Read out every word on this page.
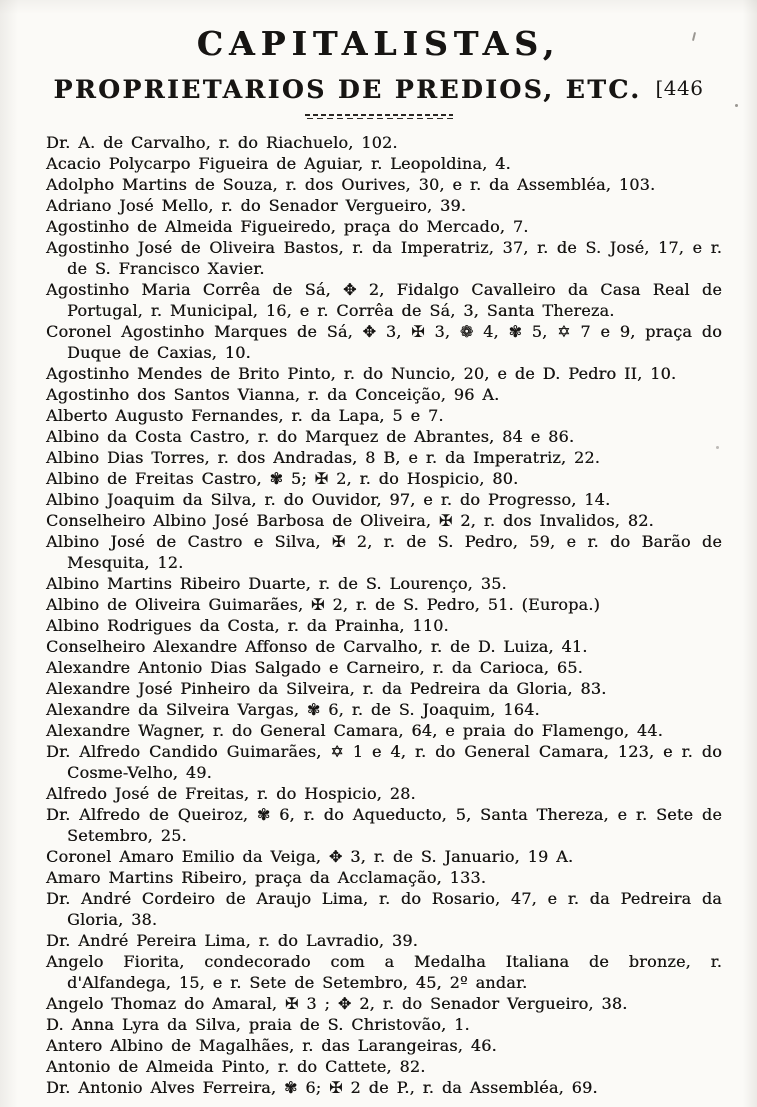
CAPITALISTAS,
PROPRIETARIOS DE PREDIOS, ETC. [446
Dr. A. de Carvalho, r. do Riachuelo, 102.
Acacio Polycarpo Figueira de Aguiar, r. Leopoldina, 4.
Adolpho Martins de Souza, r. dos Ourives, 30, e r. da Assembléa, 103.
Adriano José Mello, r. do Senador Vergueiro, 39.
Agostinho de Almeida Figueiredo, praça do Mercado, 7.
Agostinho José de Oliveira Bastos, r. da Imperatriz, 37, r. de S. José, 17, e r. de S. Francisco Xavier.
Agostinho Maria Corrêa de Sá, ✥ 2, Fidalgo Cavalleiro da Casa Real de Portugal, r. Municipal, 16, e r. Corrêa de Sá, 3, Santa Thereza.
Coronel Agostinho Marques de Sá, ✥ 3, ✠ 3, ❁ 4, ✾ 5, ✡ 7 e 9, praça do Duque de Caxias, 10.
Agostinho Mendes de Brito Pinto, r. do Nuncio, 20, e de D. Pedro II, 10.
Agostinho dos Santos Vianna, r. da Conceição, 96 A.
Alberto Augusto Fernandes, r. da Lapa, 5 e 7.
Albino da Costa Castro, r. do Marquez de Abrantes, 84 e 86.
Albino Dias Torres, r. dos Andradas, 8 B, e r. da Imperatriz, 22.
Albino de Freitas Castro, ✾ 5; ✠ 2, r. do Hospicio, 80.
Albino Joaquim da Silva, r. do Ouvidor, 97, e r. do Progresso, 14.
Conselheiro Albino José Barbosa de Oliveira, ✠ 2, r. dos Invalidos, 82.
Albino José de Castro e Silva, ✠ 2, r. de S. Pedro, 59, e r. do Barão de Mesquita, 12.
Albino Martins Ribeiro Duarte, r. de S. Lourenço, 35.
Albino de Oliveira Guimarães, ✠ 2, r. de S. Pedro, 51. (Europa.)
Albino Rodrigues da Costa, r. da Prainha, 110.
Conselheiro Alexandre Affonso de Carvalho, r. de D. Luiza, 41.
Alexandre Antonio Dias Salgado e Carneiro, r. da Carioca, 65.
Alexandre José Pinheiro da Silveira, r. da Pedreira da Gloria, 83.
Alexandre da Silveira Vargas, ✾ 6, r. de S. Joaquim, 164.
Alexandre Wagner, r. do General Camara, 64, e praia do Flamengo, 44.
Dr. Alfredo Candido Guimarães, ✡ 1 e 4, r. do General Camara, 123, e r. do Cosme-Velho, 49.
Alfredo José de Freitas, r. do Hospicio, 28.
Dr. Alfredo de Queiroz, ✾ 6, r. do Aqueducto, 5, Santa Thereza, e r. Sete de Setembro, 25.
Coronel Amaro Emilio da Veiga, ✥ 3, r. de S. Januario, 19 A.
Amaro Martins Ribeiro, praça da Acclamação, 133.
Dr. André Cordeiro de Araujo Lima, r. do Rosario, 47, e r. da Pedreira da Gloria, 38.
Dr. André Pereira Lima, r. do Lavradio, 39.
Angelo Fiorita, condecorado com a Medalha Italiana de bronze, r. d'Alfandega, 15, e r. Sete de Setembro, 45, 2º andar.
Angelo Thomaz do Amaral, ✠ 3 ; ✥ 2, r. do Senador Vergueiro, 38.
D. Anna Lyra da Silva, praia de S. Christovão, 1.
Antero Albino de Magalhães, r. das Larangeiras, 46.
Antonio de Almeida Pinto, r. do Cattete, 82.
Dr. Antonio Alves Ferreira, ✾ 6; ✠ 2 de P., r. da Assembléa, 69.
